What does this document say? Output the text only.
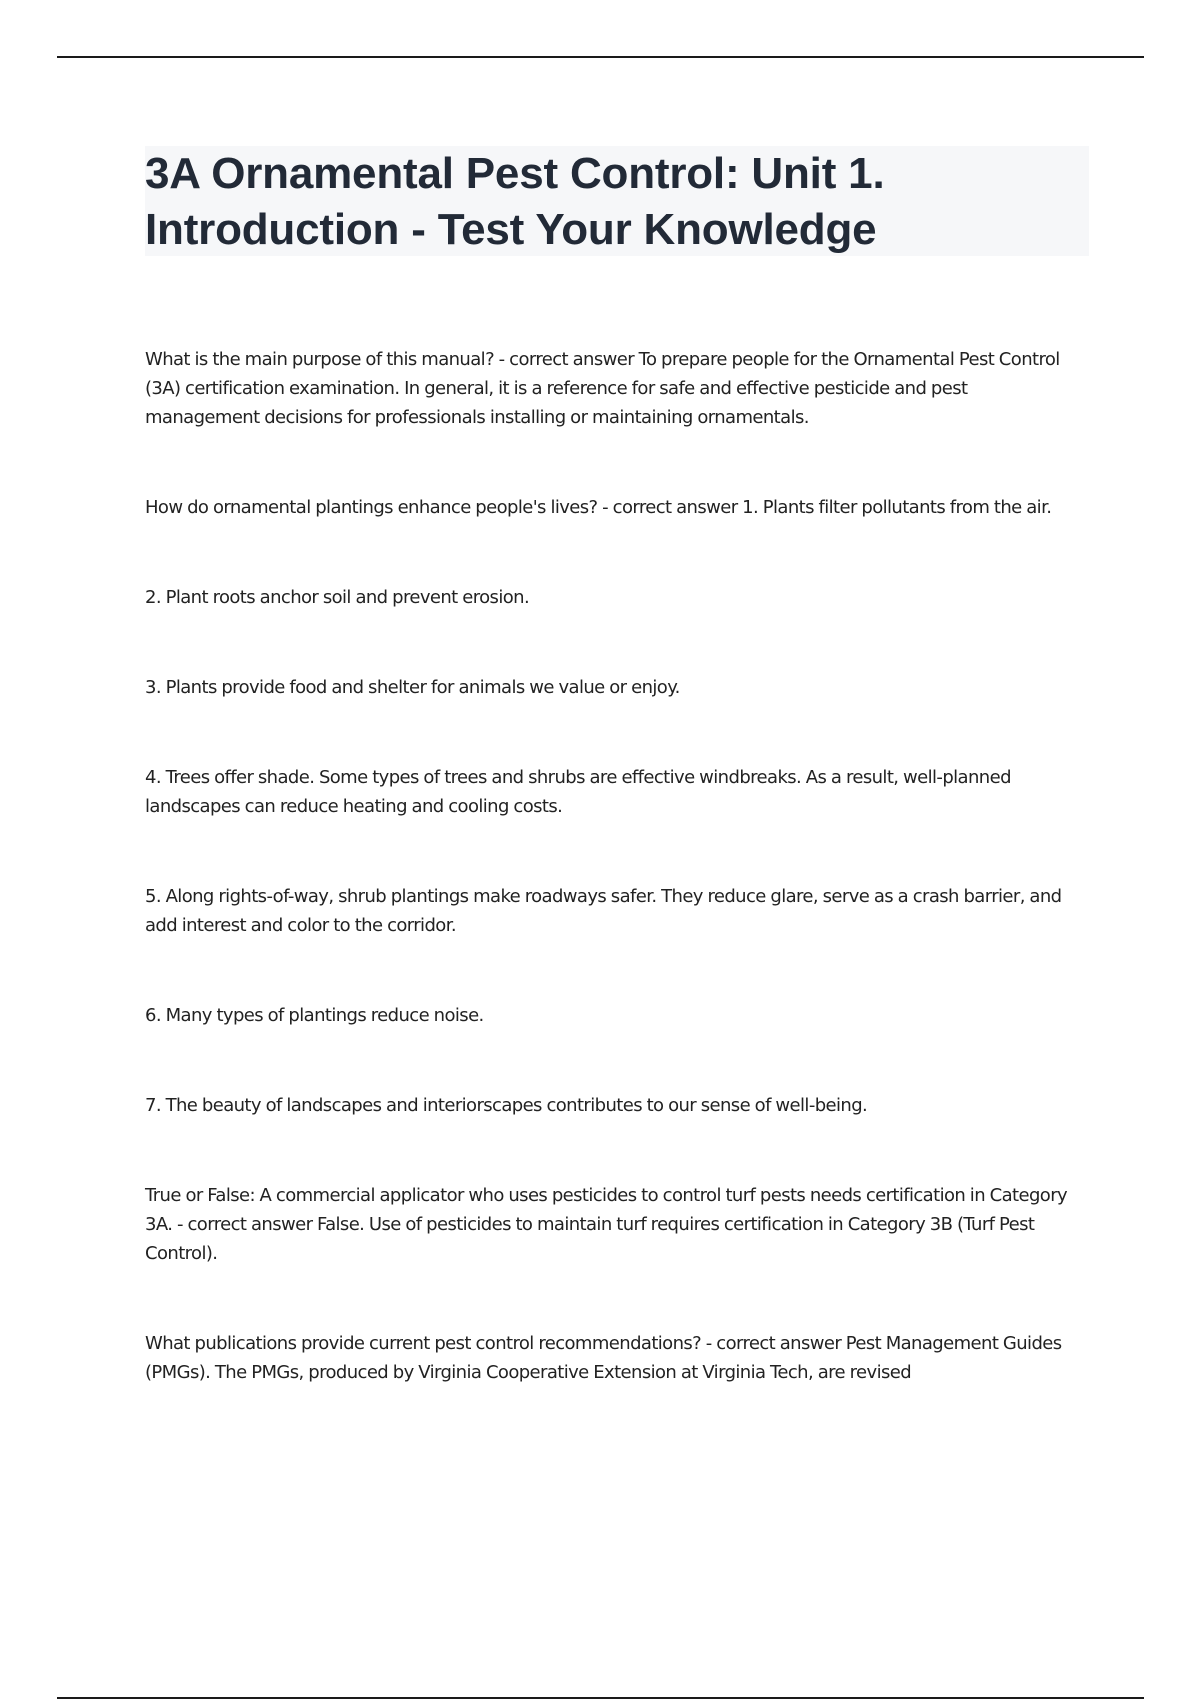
3A Ornamental Pest Control: Unit 1. Introduction - Test Your Knowledge

What is the main purpose of this manual? - correct answer To prepare people for the Ornamental Pest Control (3A) certification examination. In general, it is a reference for safe and effective pesticide and pest management decisions for professionals installing or maintaining ornamentals.

How do ornamental plantings enhance people's lives? - correct answer 1. Plants filter pollutants from the air.

2. Plant roots anchor soil and prevent erosion.

3. Plants provide food and shelter for animals we value or enjoy.

4. Trees offer shade. Some types of trees and shrubs are effective windbreaks. As a result, well-planned landscapes can reduce heating and cooling costs.

5. Along rights-of-way, shrub plantings make roadways safer. They reduce glare, serve as a crash barrier, and add interest and color to the corridor.

6. Many types of plantings reduce noise.

7. The beauty of landscapes and interiorscapes contributes to our sense of well-being.

True or False: A commercial applicator who uses pesticides to control turf pests needs certification in Category 3A. - correct answer False. Use of pesticides to maintain turf requires certification in Category 3B (Turf Pest Control).

What publications provide current pest control recommendations? - correct answer Pest Management Guides (PMGs). The PMGs, produced by Virginia Cooperative Extension at Virginia Tech, are revised
